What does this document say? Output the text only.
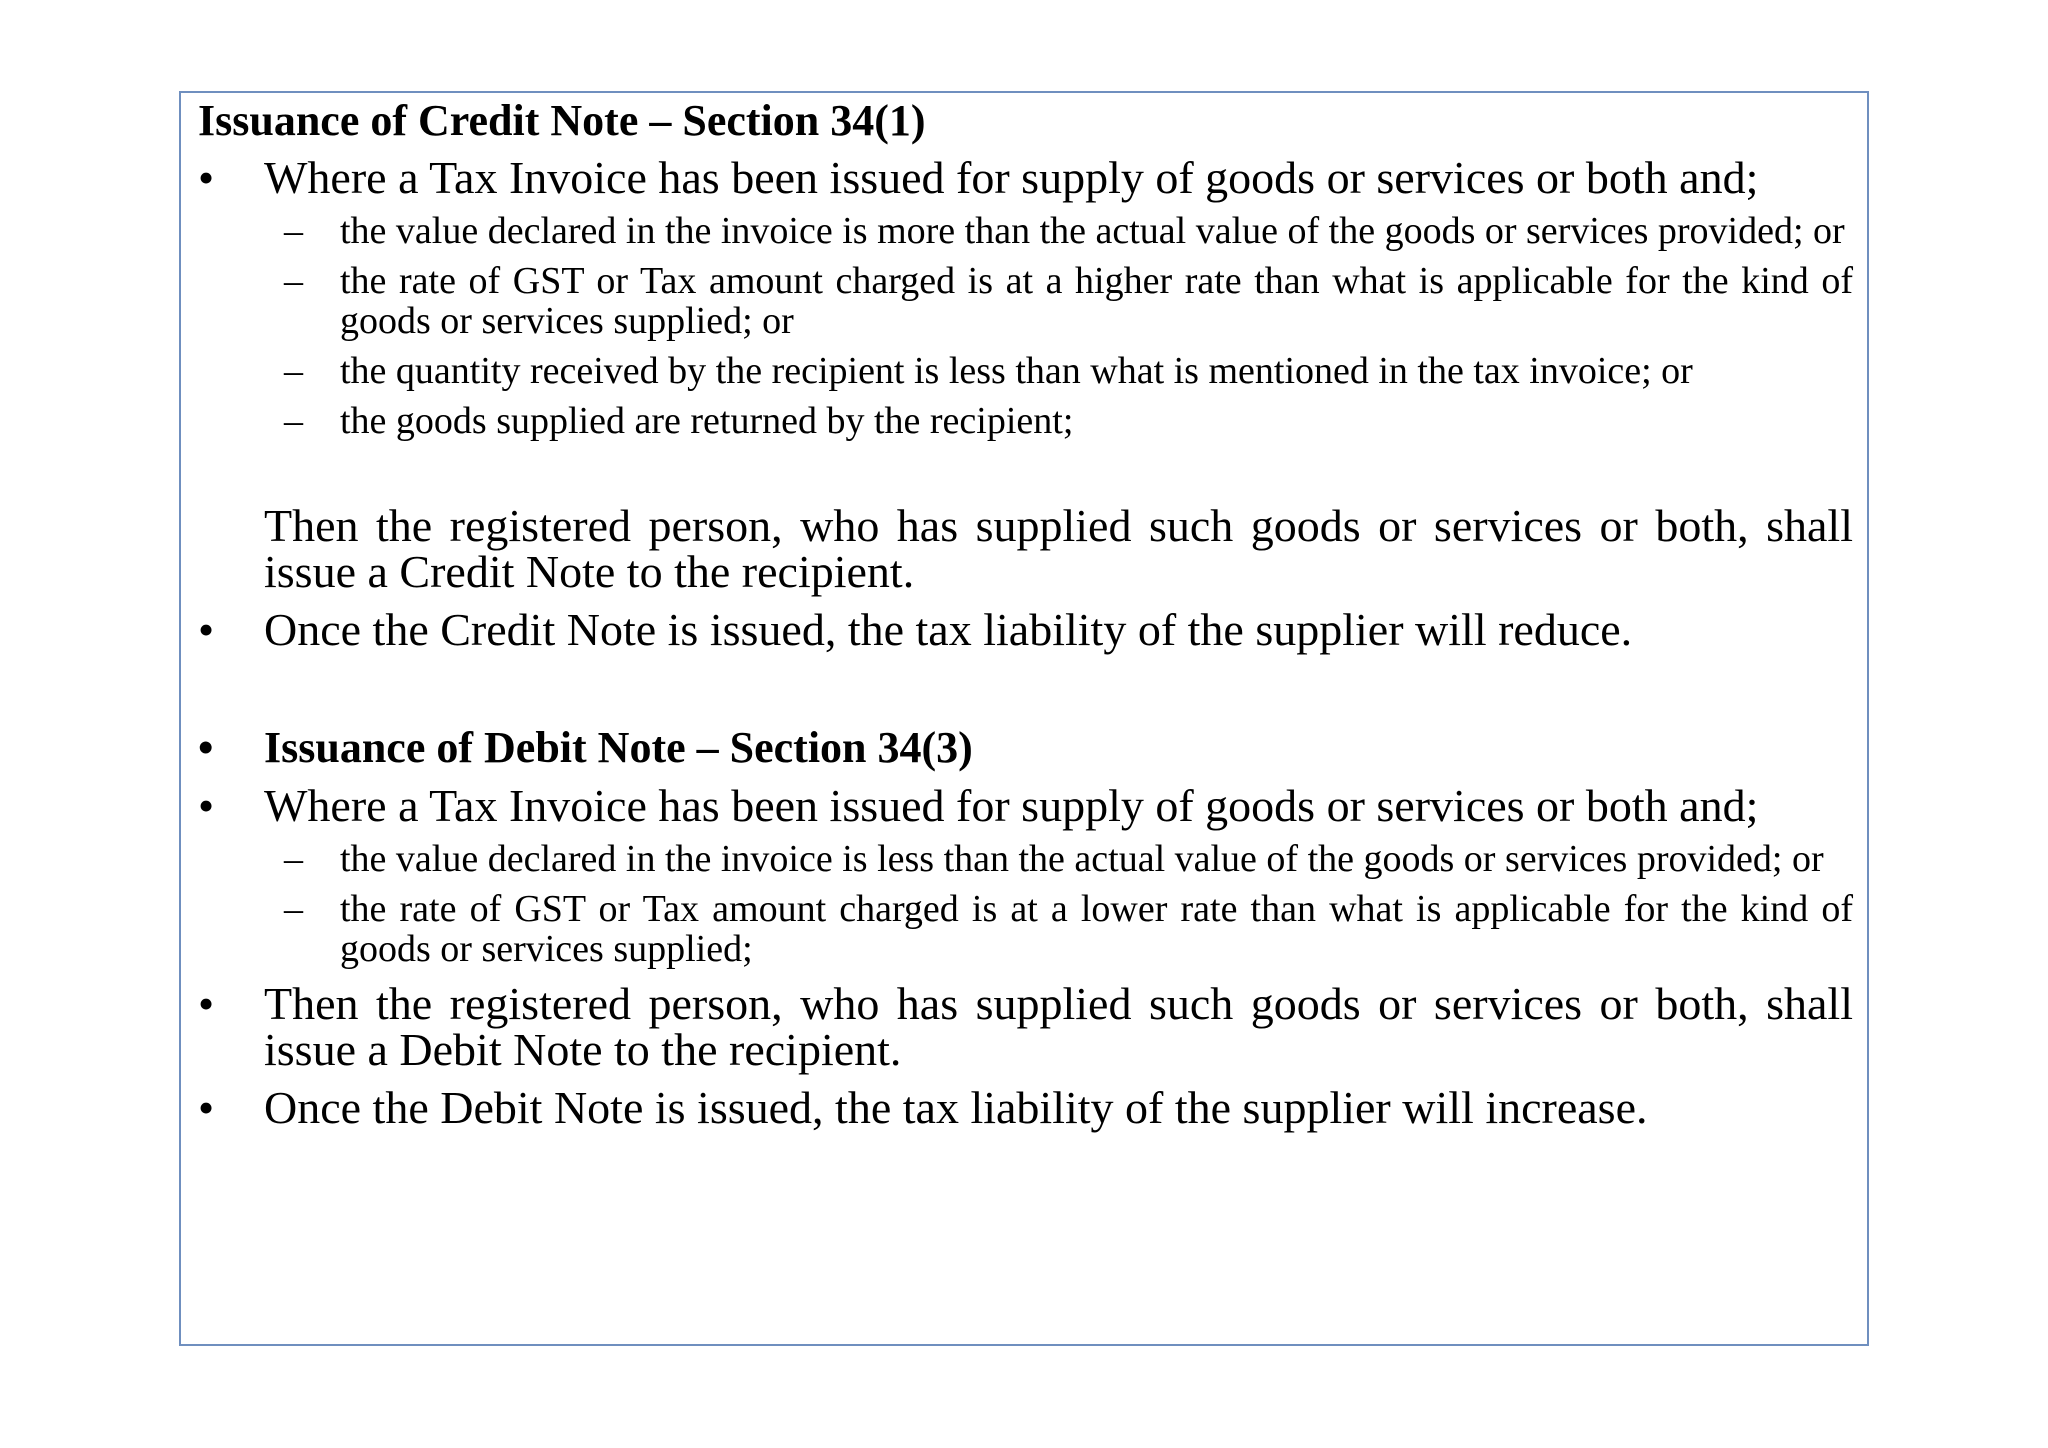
Issuance of Credit Note – Section 34(1)
• Where a Tax Invoice has been issued for supply of goods or services or both and;
– the value declared in the invoice is more than the actual value of the goods or services provided; or
– the rate of GST or Tax amount charged is at a higher rate than what is applicable for the kind of goods or services supplied; or
– the quantity received by the recipient is less than what is mentioned in the tax invoice; or
– the goods supplied are returned by the recipient;
Then the registered person, who has supplied such goods or services or both, shall issue a Credit Note to the recipient.
• Once the Credit Note is issued, the tax liability of the supplier will reduce.
• Issuance of Debit Note – Section 34(3)
• Where a Tax Invoice has been issued for supply of goods or services or both and;
– the value declared in the invoice is less than the actual value of the goods or services provided; or
– the rate of GST or Tax amount charged is at a lower rate than what is applicable for the kind of goods or services supplied;
• Then the registered person, who has supplied such goods or services or both, shall issue a Debit Note to the recipient.
• Once the Debit Note is issued, the tax liability of the supplier will increase.
